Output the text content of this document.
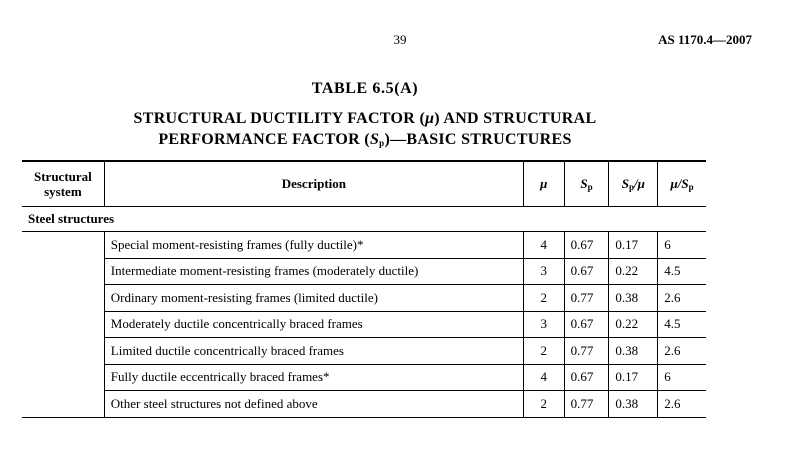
39	AS 1170.4—2007
TABLE 6.5(A)
STRUCTURAL DUCTILITY FACTOR (μ) AND STRUCTURAL
PERFORMANCE FACTOR $(S_p)—BASIC$ STRUCTURES
Structural
system	Description	μ	$S_p$	$S_p/\mu$	$\mu/S_p$
Steel structures					
	Special moment-resisting frames (fully ductile)*	4	0.67	0.17	6
	Intermediate moment-resisting frames (moderately ductile)	3	0.67	0.22	4.5
	Ordinary moment-resisting frames (limited ductile)	2	0.77	0.38	2.6
	Moderately ductile concentrically braced frames	3	0.67	0.22	4.5
	Limited ductile concentrically braced frames	2	0.77	0.38	2.6
	Fully ductile eccentrically braced frames*	4	0.67	0.17	6
	Other steel structures not defined above	2	0.77	0.38	2.6
